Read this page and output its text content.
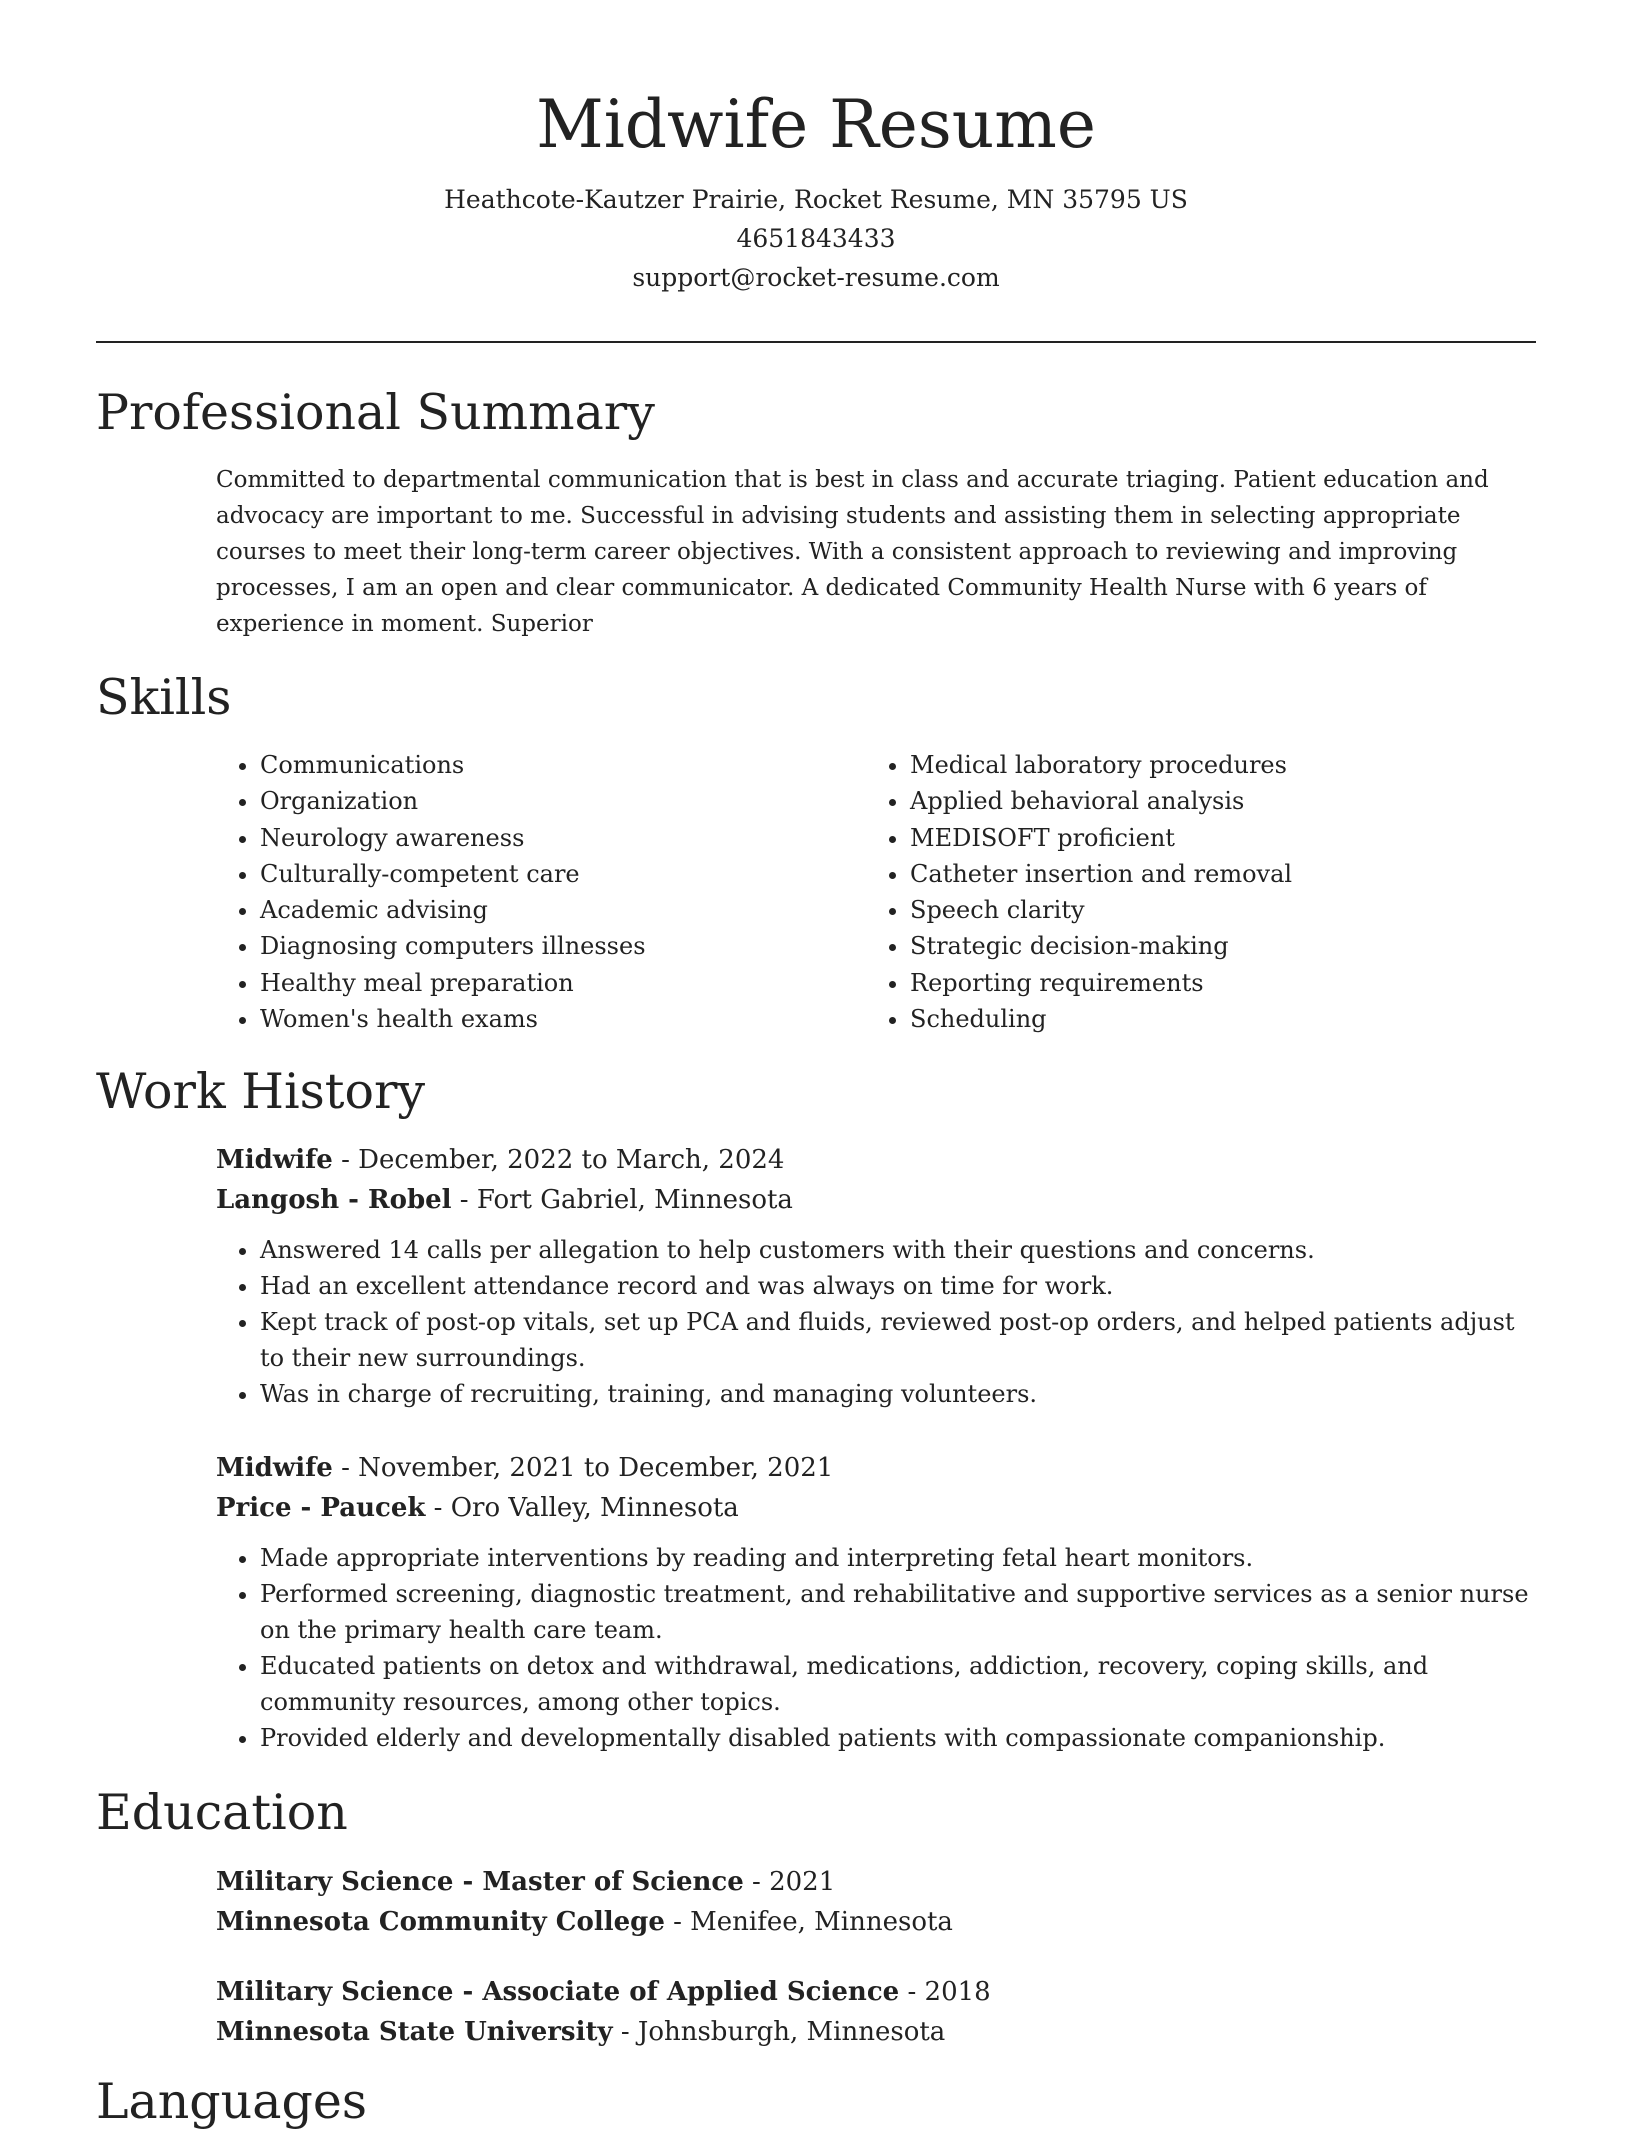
Midwife Resume
Heathcote-Kautzer Prairie, Rocket Resume, MN 35795 US
4651843433
support@rocket-resume.com
Professional Summary

Committed to departmental communication that is best in class and accurate triaging. Patient education and advocacy are important to me. Successful in advising students and assisting them in selecting appropriate courses to meet their long-term career objectives. With a consistent approach to reviewing and improving processes, I am an open and clear communicator. A dedicated Community Health Nurse with 6 years of experience in moment. Superior

Skills
• Communications
• Organization
• Neurology awareness
• Culturally-competent care
• Academic advising
• Diagnosing computers illnesses
• Healthy meal preparation
• Women's health exams
• Medical laboratory procedures
• Applied behavioral analysis
• MEDISOFT proficient
• Catheter insertion and removal
• Speech clarity
• Strategic decision-making
• Reporting requirements
• Scheduling
Work History
Midwife - December, 2022 to March, 2024
Langosh - Robel - Fort Gabriel, Minnesota
• Answered 14 calls per allegation to help customers with their questions and concerns.
• Had an excellent attendance record and was always on time for work.
• Kept track of post-op vitals, set up PCA and fluids, reviewed post-op orders, and helped patients adjust to their new surroundings.
• Was in charge of recruiting, training, and managing volunteers.
Midwife - November, 2021 to December, 2021
Price - Paucek - Oro Valley, Minnesota
• Made appropriate interventions by reading and interpreting fetal heart monitors.
• Performed screening, diagnostic treatment, and rehabilitative and supportive services as a senior nurse on the primary health care team.
• Educated patients on detox and withdrawal, medications, addiction, recovery, coping skills, and community resources, among other topics.
• Provided elderly and developmentally disabled patients with compassionate companionship.
Education
Military Science - Master of Science - 2021
Minnesota Community College - Menifee, Minnesota
Military Science - Associate of Applied Science - 2018
Minnesota State University - Johnsburgh, Minnesota
Languages
